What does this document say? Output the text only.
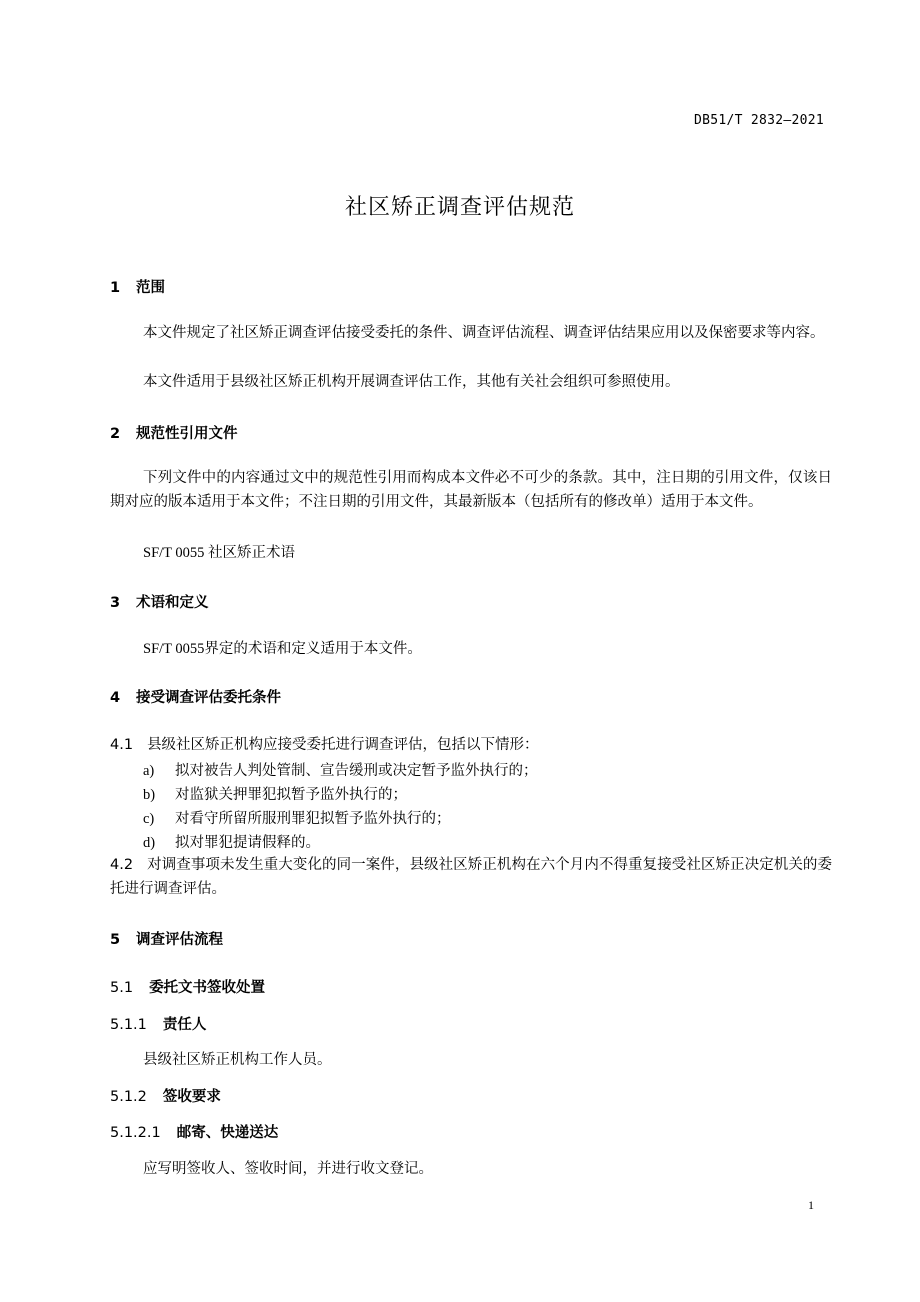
DB51/T 2832—2021
社区矫正调查评估规范
1 范围
本文件规定了社区矫正调查评估接受委托的条件、调查评估流程、调查评估结果应用以及保密要求等内容。
本文件适用于县级社区矫正机构开展调查评估工作，其他有关社会组织可参照使用。
2 规范性引用文件
下列文件中的内容通过文中的规范性引用而构成本文件必不可少的条款。其中，注日期的引用文件，仅该日期对应的版本适用于本文件；不注日期的引用文件，其最新版本（包括所有的修改单）适用于本文件。
SF/T 0055 社区矫正术语
3 术语和定义
SF/T 0055界定的术语和定义适用于本文件。
4 接受调查评估委托条件
4.1 县级社区矫正机构应接受委托进行调查评估，包括以下情形：
a) 拟对被告人判处管制、宣告缓刑或决定暂予监外执行的；
b) 对监狱关押罪犯拟暂予监外执行的；
c) 对看守所留所服刑罪犯拟暂予监外执行的；
d) 拟对罪犯提请假释的。
4.2 对调查事项未发生重大变化的同一案件，县级社区矫正机构在六个月内不得重复接受社区矫正决定机关的委托进行调查评估。
5 调查评估流程
5.1 委托文书签收处置
5.1.1 责任人
县级社区矫正机构工作人员。
5.1.2 签收要求
5.1.2.1 邮寄、快递送达
应写明签收人、签收时间，并进行收文登记。
1
